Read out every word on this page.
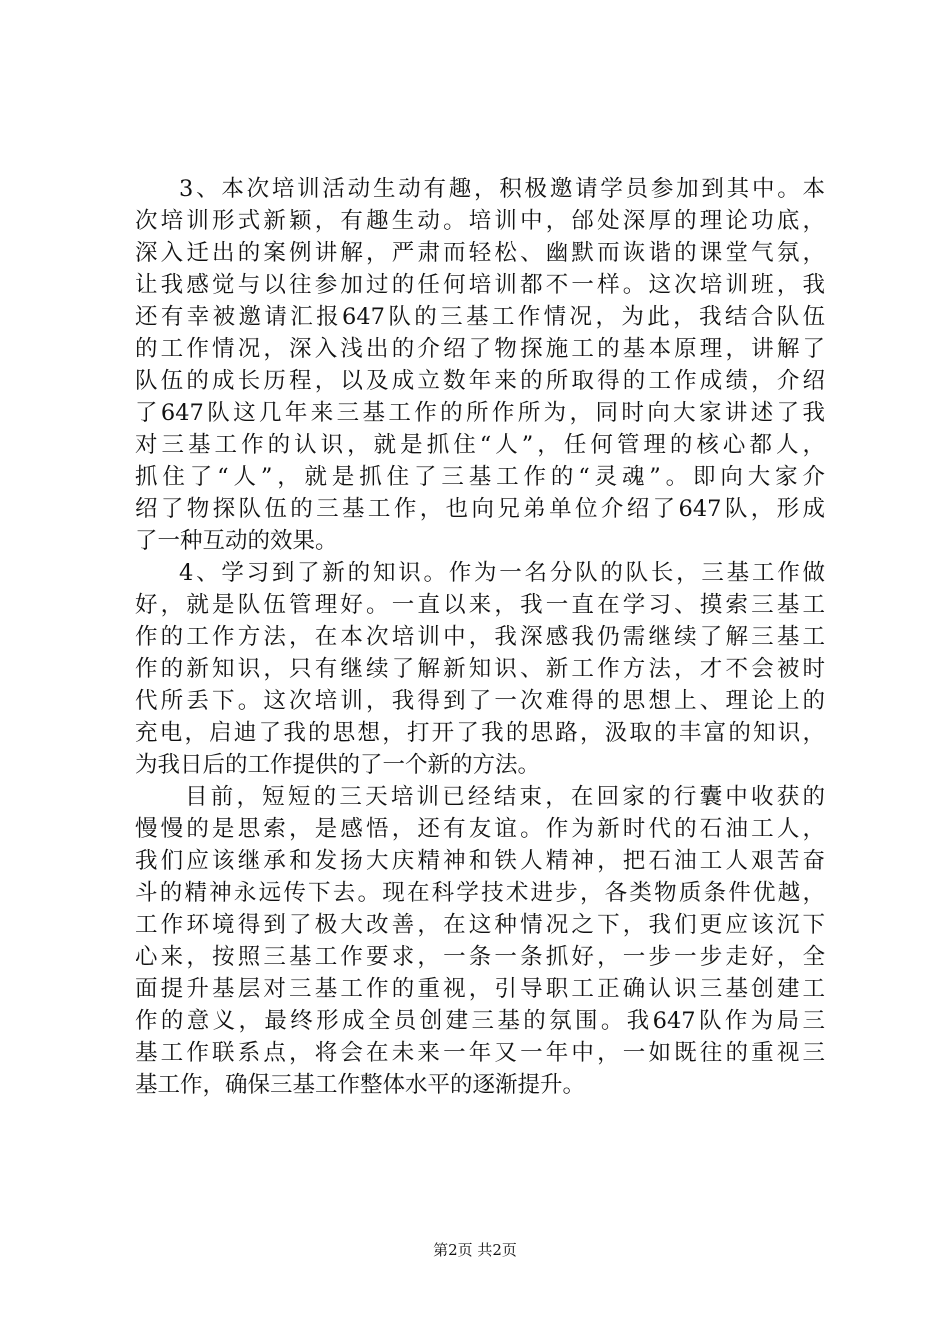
3、本次培训活动生动有趣，积极邀请学员参加到其中。本
次培训形式新颖，有趣生动。培训中，邰处深厚的理论功底，
深入迁出的案例讲解，严肃而轻松、幽默而诙谐的课堂气氛，
让我感觉与以往参加过的任何培训都不一样。这次培训班，我
还有幸被邀请汇报647队的三基工作情况，为此，我结合队伍
的工作情况，深入浅出的介绍了物探施工的基本原理，讲解了
队伍的成长历程，以及成立数年来的所取得的工作成绩，介绍
了647队这几年来三基工作的所作所为，同时向大家讲述了我
对三基工作的认识，就是抓住“人”，任何管理的核心都人，
抓住了“人”，就是抓住了三基工作的“灵魂”。即向大家介
绍了物探队伍的三基工作，也向兄弟单位介绍了647队，形成
了一种互动的效果。
4、学习到了新的知识。作为一名分队的队长，三基工作做
好，就是队伍管理好。一直以来，我一直在学习、摸索三基工
作的工作方法，在本次培训中，我深感我仍需继续了解三基工
作的新知识，只有继续了解新知识、新工作方法，才不会被时
代所丢下。这次培训，我得到了一次难得的思想上、理论上的
充电，启迪了我的思想，打开了我的思路，汲取的丰富的知识，
为我日后的工作提供的了一个新的方法。
目前，短短的三天培训已经结束，在回家的行囊中收获的
慢慢的是思索，是感悟，还有友谊。作为新时代的石油工人，
我们应该继承和发扬大庆精神和铁人精神，把石油工人艰苦奋
斗的精神永远传下去。现在科学技术进步，各类物质条件优越，
工作环境得到了极大改善，在这种情况之下，我们更应该沉下
心来，按照三基工作要求，一条一条抓好，一步一步走好，全
面提升基层对三基工作的重视，引导职工正确认识三基创建工
作的意义，最终形成全员创建三基的氛围。我647队作为局三
基工作联系点，将会在未来一年又一年中，一如既往的重视三
基工作，确保三基工作整体水平的逐渐提升。
第2页 共2页
